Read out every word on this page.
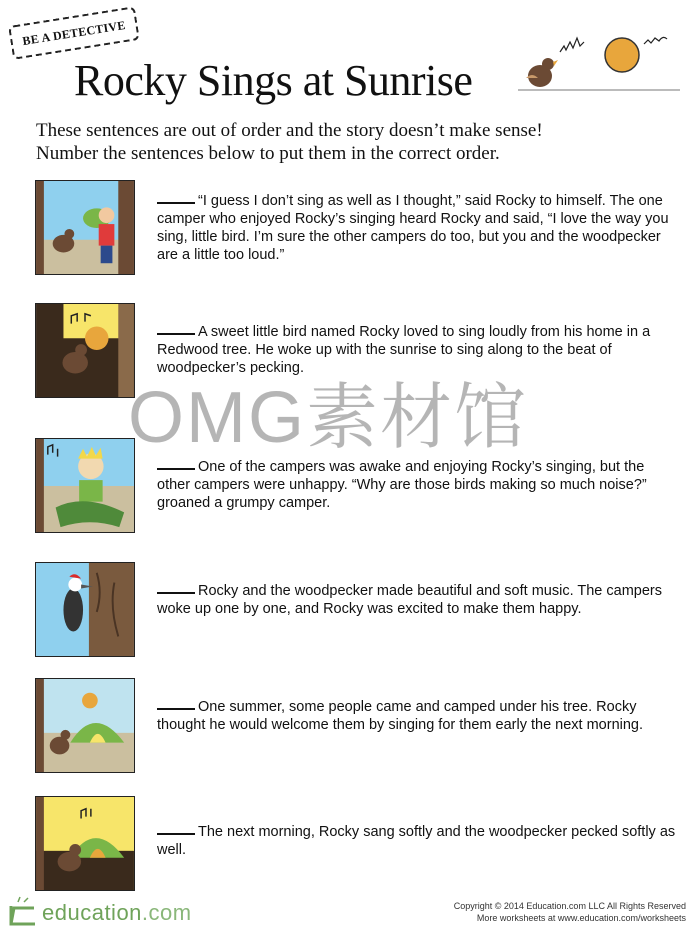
BE A DETECTIVE
Rocky Sings at Sunrise
These sentences are out of order and the story doesn’t make sense!
Number the sentences below to put them in the correct order.
“I guess I don’t sing as well as I thought,” said Rocky to himself. The one camper who enjoyed Rocky’s singing heard Rocky and said, “I love the way you sing, little bird. I’m sure the other campers do too, but you and the woodpecker are a little too loud.”
A sweet little bird named Rocky loved to sing loudly from his home in a Redwood tree. He woke up with the sunrise to sing along to the beat of woodpecker’s pecking.
One of the campers was awake and enjoying Rocky’s singing, but the other campers were unhappy. “Why are those birds making so much noise?” groaned a grumpy camper.
Rocky and the woodpecker made beautiful and soft music. The campers woke up one by one, and Rocky was excited to make them happy.
One summer, some people came and camped under his tree. Rocky thought he would welcome them by singing for them early the next morning.
The next morning, Rocky sang softly and the woodpecker pecked softly as well.
OMG素材馆
education.com	Copyright © 2014 Education.com LLC All Rights Reserved
More worksheets at www.education.com/worksheets
